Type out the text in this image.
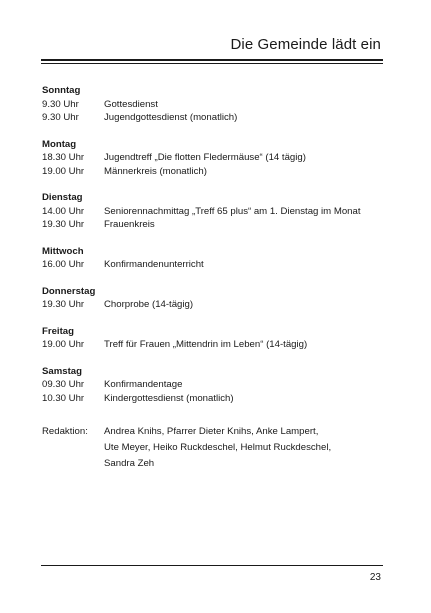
Die Gemeinde lädt ein
Sonntag
9.30 Uhr	Gottesdienst
9.30 Uhr	Jugendgottesdienst (monatlich)
Montag
18.30 Uhr	Jugendtreff „Die flotten Fledermäuse“ (14 tägig)
19.00 Uhr	Männerkreis (monatlich)
Dienstag
14.00 Uhr	Seniorennachmittag „Treff 65 plus“ am 1. Dienstag im Monat
19.30 Uhr	Frauenkreis
Mittwoch
16.00 Uhr	Konfirmandenunterricht
Donnerstag
19.30 Uhr	Chorprobe (14-tägig)
Freitag
19.00 Uhr	Treff für Frauen „Mittendrin im Leben“ (14-tägig)
Samstag
09.30 Uhr	Konfirmandentage
10.30 Uhr	Kindergottesdienst (monatlich)
Redaktion:	Andrea Knihs, Pfarrer Dieter Knihs, Anke Lampert,
Ute Meyer, Heiko Ruckdeschel, Helmut Ruckdeschel,
Sandra Zeh
23
